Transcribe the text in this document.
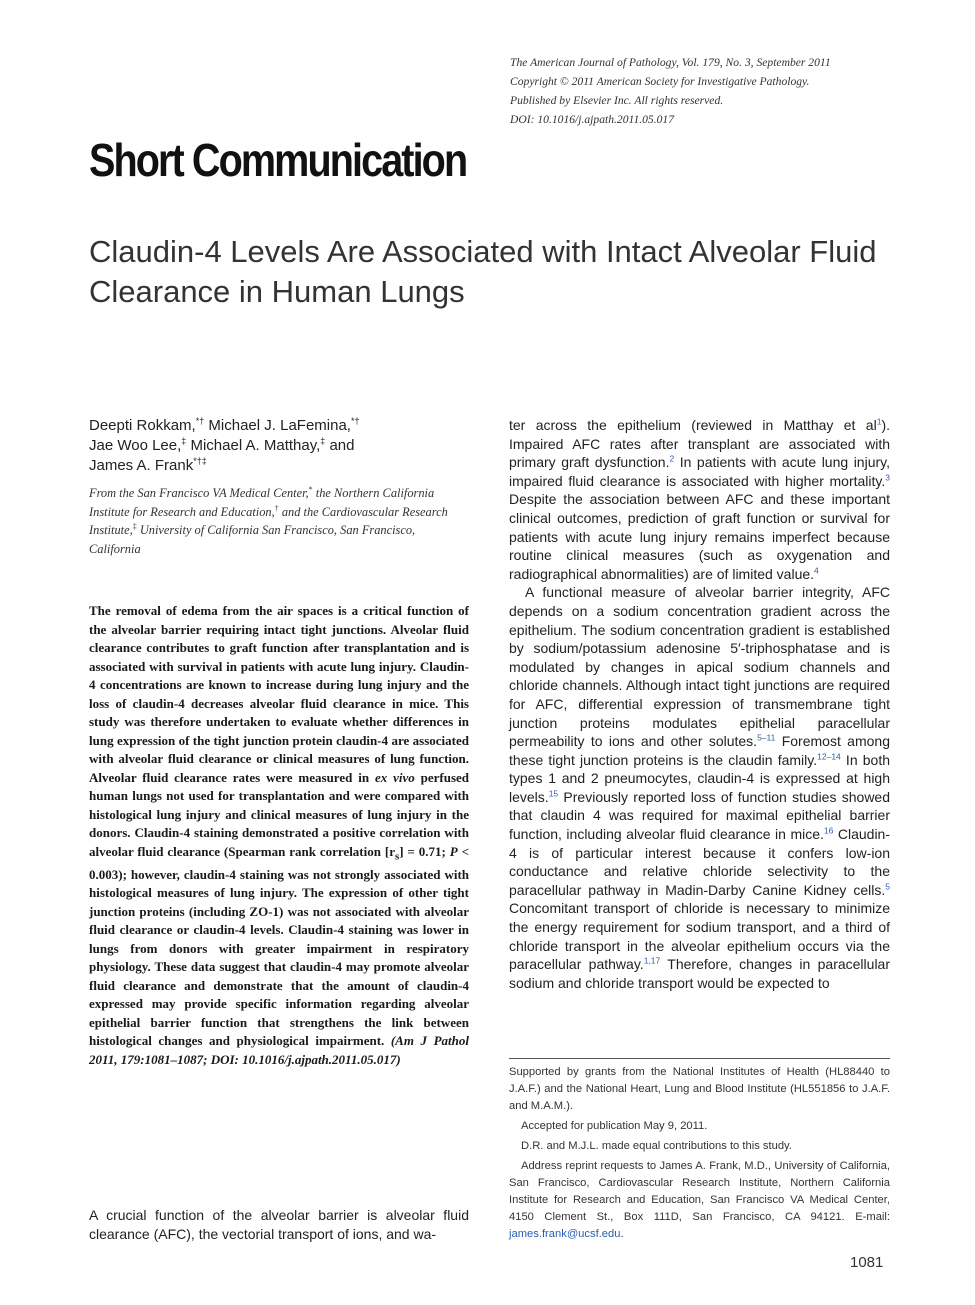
The American Journal of Pathology, Vol. 179, No. 3, September 2011
Copyright © 2011 American Society for Investigative Pathology.
Published by Elsevier Inc. All rights reserved.
DOI: 10.1016/j.ajpath.2011.05.017
Short Communication
Claudin-4 Levels Are Associated with Intact Alveolar Fluid Clearance in Human Lungs
Deepti Rokkam,*† Michael J. LaFemina,*†
Jae Woo Lee,‡ Michael A. Matthay,‡ and
James A. Frank*†‡
From the San Francisco VA Medical Center,* the Northern California Institute for Research and Education,† and the Cardiovascular Research Institute,‡ University of California San Francisco, San Francisco, California
The removal of edema from the air spaces is a critical function of the alveolar barrier requiring intact tight junctions. Alveolar fluid clearance contributes to graft function after transplantation and is associated with survival in patients with acute lung injury. Claudin-4 concentrations are known to increase during lung injury and the loss of claudin-4 decreases alveolar fluid clearance in mice. This study was therefore undertaken to evaluate whether differences in lung expression of the tight junction protein claudin-4 are associated with alveolar fluid clearance or clinical measures of lung function. Alveolar fluid clearance rates were measured in ex vivo perfused human lungs not used for transplantation and were compared with histological lung injury and clinical measures of lung injury in the donors. Claudin-4 staining demonstrated a positive correlation with alveolar fluid clearance (Spearman rank correlation $[r_s] = 0.71$; P < 0.003); however, claudin-4 staining was not strongly associated with histological measures of lung injury. The expression of other tight junction proteins (including ZO-1) was not associated with alveolar fluid clearance or claudin-4 levels. Claudin-4 staining was lower in lungs from donors with greater impairment in respiratory physiology. These data suggest that claudin-4 may promote alveolar fluid clearance and demonstrate that the amount of claudin-4 expressed may provide specific information regarding alveolar epithelial barrier function that strengthens the link between histological changes and physiological impairment. (Am J Pathol 2011, 179:1081–1087; DOI: 10.1016/j.ajpath.2011.05.017)
A crucial function of the alveolar barrier is alveolar fluid clearance (AFC), the vectorial transport of ions, and wa-

ter across the epithelium (reviewed in Matthay et $al^1$). Impaired AFC rates after transplant are associated with primary graft dysfunction.$^2$ In patients with acute lung injury, impaired fluid clearance is associated with higher mortality.$^3$ Despite the association between AFC and these important clinical outcomes, prediction of graft function or survival for patients with acute lung injury remains imperfect because routine clinical measures (such as oxygenation and radiographical abnormalities) are of limited value.$^4$

A functional measure of alveolar barrier integrity, AFC depends on a sodium concentration gradient across the epithelium. The sodium concentration gradient is established by sodium/potassium adenosine 5′-triphosphatase and is modulated by changes in apical sodium channels and chloride channels. Although intact tight junctions are required for AFC, differential expression of transmembrane tight junction proteins modulates epithelial paracellular permeability to ions and other solutes.$^{5-11}$ Foremost among these tight junction proteins is the claudin family.$^{12-14}$ In both types 1 and 2 pneumocytes, claudin-4 is expressed at high levels.$^{15}$ Previously reported loss of function studies showed that claudin 4 was required for maximal epithelial barrier function, including alveolar fluid clearance in mice.$^{16}$ Claudin-4 is of particular interest because it confers low-ion conductance and relative chloride selectivity to the paracellular pathway in Madin-Darby Canine Kidney cells.$^5$ Concomitant transport of chloride is necessary to minimize the energy requirement for sodium transport, and a third of chloride transport in the alveolar epithelium occurs via the paracellular pathway.$^{1,17}$ Therefore, changes in paracellular sodium and chloride transport would be expected to

Supported by grants from the National Institutes of Health (HL88440 to J.A.F.) and the National Heart, Lung and Blood Institute (HL551856 to J.A.F. and M.A.M.).

Accepted for publication May 9, 2011.

D.R. and M.J.L. made equal contributions to this study.

Address reprint requests to James A. Frank, M.D., University of California, San Francisco, Cardiovascular Research Institute, Northern California Institute for Research and Education, San Francisco VA Medical Center, 4150 Clement St., Box 111D, San Francisco, CA 94121. E-mail: james.frank@ucsf.edu.

1081
